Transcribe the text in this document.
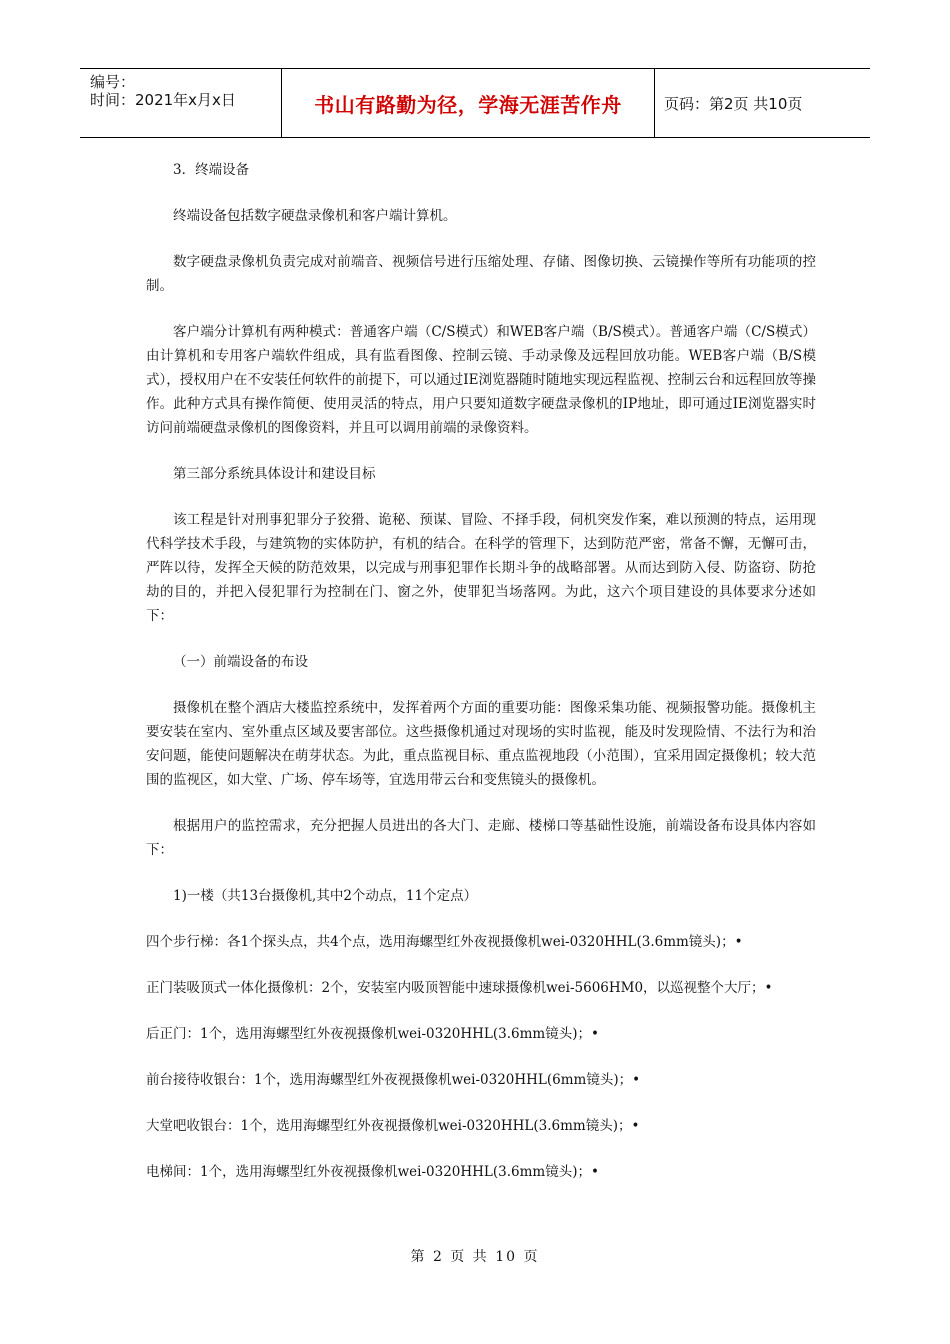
编号：
时间：2021年x月x日	书山有路勤为径，学海无涯苦作舟	页码：第2页 共10页

3．终端设备

终端设备包括数字硬盘录像机和客户端计算机。

数字硬盘录像机负责完成对前端音、视频信号进行压缩处理、存储、图像切换、云镜操作等所有功能项的控制。

客户端分计算机有两种模式：普通客户端（C/S模式）和WEB客户端（B/S模式）。普通客户端（C/S模式）由计算机和专用客户端软件组成，具有监看图像、控制云镜、手动录像及远程回放功能。WEB客户端（B/S模式），授权用户在不安装任何软件的前提下，可以通过IE浏览器随时随地实现远程监视、控制云台和远程回放等操作。此种方式具有操作简便、使用灵活的特点，用户只要知道数字硬盘录像机的IP地址，即可通过IE浏览器实时访问前端硬盘录像机的图像资料，并且可以调用前端的录像资料。

第三部分系统具体设计和建设目标

该工程是针对刑事犯罪分子狡猾、诡秘、预谋、冒险、不择手段，伺机突发作案，难以预测的特点，运用现代科学技术手段，与建筑物的实体防护，有机的结合。在科学的管理下，达到防范严密，常备不懈，无懈可击，严阵以待，发挥全天候的防范效果，以完成与刑事犯罪作长期斗争的战略部署。从而达到防入侵、防盗窃、防抢劫的目的，并把入侵犯罪行为控制在门、窗之外，使罪犯当场落网。为此，这六个项目建设的具体要求分述如下：

（一）前端设备的布设

摄像机在整个酒店大楼监控系统中，发挥着两个方面的重要功能：图像采集功能、视频报警功能。摄像机主要安装在室内、室外重点区域及要害部位。这些摄像机通过对现场的实时监视，能及时发现险情、不法行为和治安问题，能使问题解决在萌芽状态。为此，重点监视目标、重点监视地段（小范围），宜采用固定摄像机；较大范围的监视区，如大堂、广场、停车场等，宜选用带云台和变焦镜头的摄像机。

根据用户的监控需求，充分把握人员进出的各大门、走廊、楼梯口等基础性设施，前端设备布设具体内容如下：

1)一楼（共13台摄像机,其中2个动点，11个定点）

四个步行梯：各1个探头点，共4个点，选用海螺型红外夜视摄像机wei-0320HHL(3.6mm镜头)；•

正门装吸顶式一体化摄像机：2个，安装室内吸顶智能中速球摄像机wei-5606HM0，以巡视整个大厅；•

后正门：1个，选用海螺型红外夜视摄像机wei-0320HHL(3.6mm镜头)；•

前台接待收银台：1个，选用海螺型红外夜视摄像机wei-0320HHL(6mm镜头)；•

大堂吧收银台：1个，选用海螺型红外夜视摄像机wei-0320HHL(3.6mm镜头)；•

电梯间：1个，选用海螺型红外夜视摄像机wei-0320HHL(3.6mm镜头)；•

第 2 页 共 10 页
